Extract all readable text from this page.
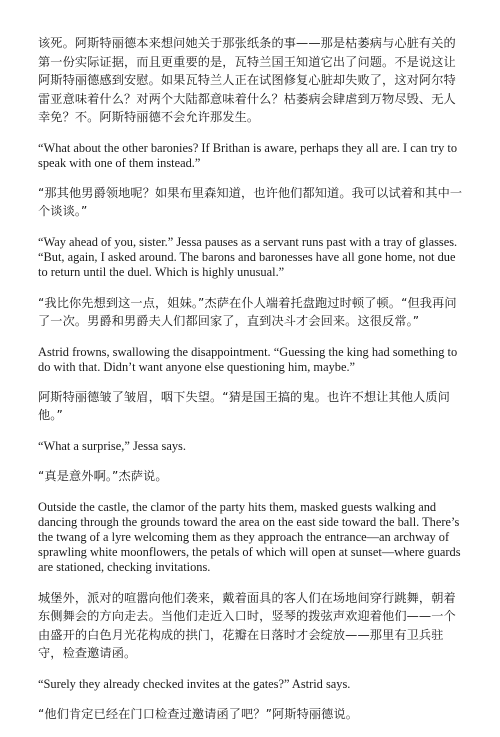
该死。阿斯特丽德本来想问她关于那张纸条的事——那是枯萎病与心脏有关的第一份实际证据，而且更重要的是，瓦特兰国王知道它出了问题。不是说这让阿斯特丽德感到安慰。如果瓦特兰人正在试图修复心脏却失败了，这对阿尔特雷亚意味着什么？对两个大陆都意味着什么？枯萎病会肆虐到万物尽毁、无人幸免？不。阿斯特丽德不会允许那发生。

“What about the other baronies? If Brithan is aware, perhaps they all are. I can try to speak with one of them instead.”

“那其他男爵领地呢？如果布里森知道，也许他们都知道。我可以试着和其中一个谈谈。”

“Way ahead of you, sister.” Jessa pauses as a servant runs past with a tray of glasses. “But, again, I asked around. The barons and baronesses have all gone home, not due to return until the duel. Which is highly unusual.”

“我比你先想到这一点，姐妹。”杰萨在仆人端着托盘跑过时顿了顿。“但我再问了一次。男爵和男爵夫人们都回家了，直到决斗才会回来。这很反常。”

Astrid frowns, swallowing the disappointment. “Guessing the king had something to do with that. Didn’t want anyone else questioning him, maybe.”

阿斯特丽德皱了皱眉，咽下失望。“猜是国王搞的鬼。也许不想让其他人质问他。”

“What a surprise,” Jessa says.

“真是意外啊。”杰萨说。

Outside the castle, the clamor of the party hits them, masked guests walking and dancing through the grounds toward the area on the east side toward the ball. There’s the twang of a lyre welcoming them as they approach the entrance—an archway of sprawling white moonflowers, the petals of which will open at sunset—where guards are stationed, checking invitations.

城堡外，派对的喧嚣向他们袭来，戴着面具的客人们在场地间穿行跳舞，朝着东侧舞会的方向走去。当他们走近入口时，竖琴的拨弦声欢迎着他们——一个由盛开的白色月光花构成的拱门，花瓣在日落时才会绽放——那里有卫兵驻守，检查邀请函。

“Surely they already checked invites at the gates?” Astrid says.

“他们肯定已经在门口检查过邀请函了吧？”阿斯特丽德说。
